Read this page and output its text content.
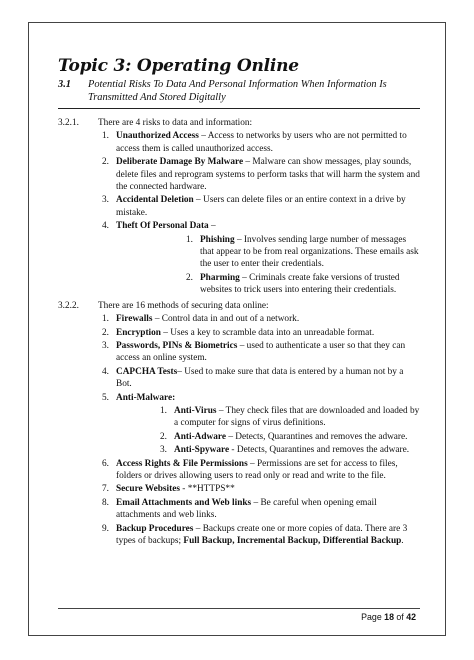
Topic 3: Operating Online
3.1	Potential Risks To Data And Personal Information When Information Is Transmitted And Stored Digitally
3.2.1.	There are 4 risks to data and information:
1. Unauthorized Access – Access to networks by users who are not permitted to access them is called unauthorized access.
2. Deliberate Damage By Malware – Malware can show messages, play sounds, delete files and reprogram systems to perform tasks that will harm the system and the connected hardware.
3. Accidental Deletion – Users can delete files or an entire context in a drive by mistake.
4. Theft Of Personal Data –
1. Phishing – Involves sending large number of messages that appear to be from real organizations. These emails ask the user to enter their credentials.
2. Pharming – Criminals create fake versions of trusted websites to trick users into entering their credentials.
3.2.2.	There are 16 methods of securing data online:
1. Firewalls – Control data in and out of a network.
2. Encryption – Uses a key to scramble data into an unreadable format.
3. Passwords, PINs & Biometrics – used to authenticate a user so that they can access an online system.
4. CAPCHA Tests– Used to make sure that data is entered by a human not by a Bot.
5. Anti-Malware:
1. Anti-Virus – They check files that are downloaded and loaded by a computer for signs of virus definitions.
2. Anti-Adware – Detects, Quarantines and removes the adware.
3. Anti-Spyware - Detects, Quarantines and removes the adware.
6. Access Rights & File Permissions – Permissions are set for access to files, folders or drives allowing users to read only or read and write to the file.
7. Secure Websites - **HTTPS**
8. Email Attachments and Web links – Be careful when opening email attachments and web links.
9. Backup Procedures – Backups create one or more copies of data. There are 3 types of backups; Full Backup, Incremental Backup, Differential Backup.
Page 18 of 42
